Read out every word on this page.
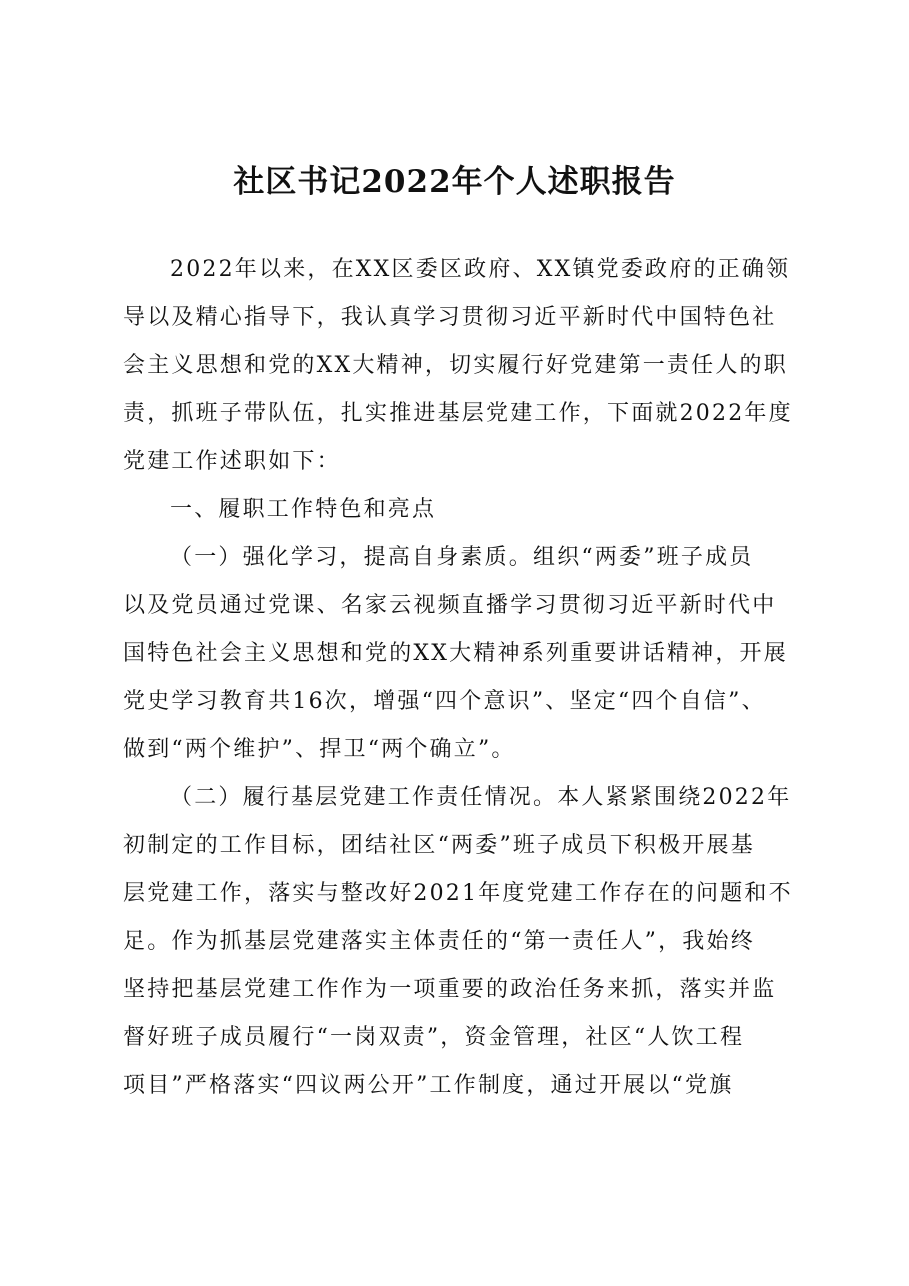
社区书记2022年个人述职报告
2022年以来，在XX区委区政府、XX镇党委政府的正确领
导以及精心指导下，我认真学习贯彻习近平新时代中国特色社
会主义思想和党的XX大精神，切实履行好党建第一责任人的职
责，抓班子带队伍，扎实推进基层党建工作，下面就2022年度
党建工作述职如下：
一、履职工作特色和亮点
（一）强化学习，提高自身素质。组织“两委”班子成员
以及党员通过党课、名家云视频直播学习贯彻习近平新时代中
国特色社会主义思想和党的XX大精神系列重要讲话精神，开展
党史学习教育共16次，增强“四个意识”、坚定“四个自信”、
做到“两个维护”、捍卫“两个确立”。
（二）履行基层党建工作责任情况。本人紧紧围绕2022年
初制定的工作目标，团结社区“两委”班子成员下积极开展基
层党建工作，落实与整改好2021年度党建工作存在的问题和不
足。作为抓基层党建落实主体责任的“第一责任人”，我始终
坚持把基层党建工作作为一项重要的政治任务来抓，落实并监
督好班子成员履行“一岗双责”，资金管理，社区“人饮工程
项目”严格落实“四议两公开”工作制度，通过开展以“党旗
